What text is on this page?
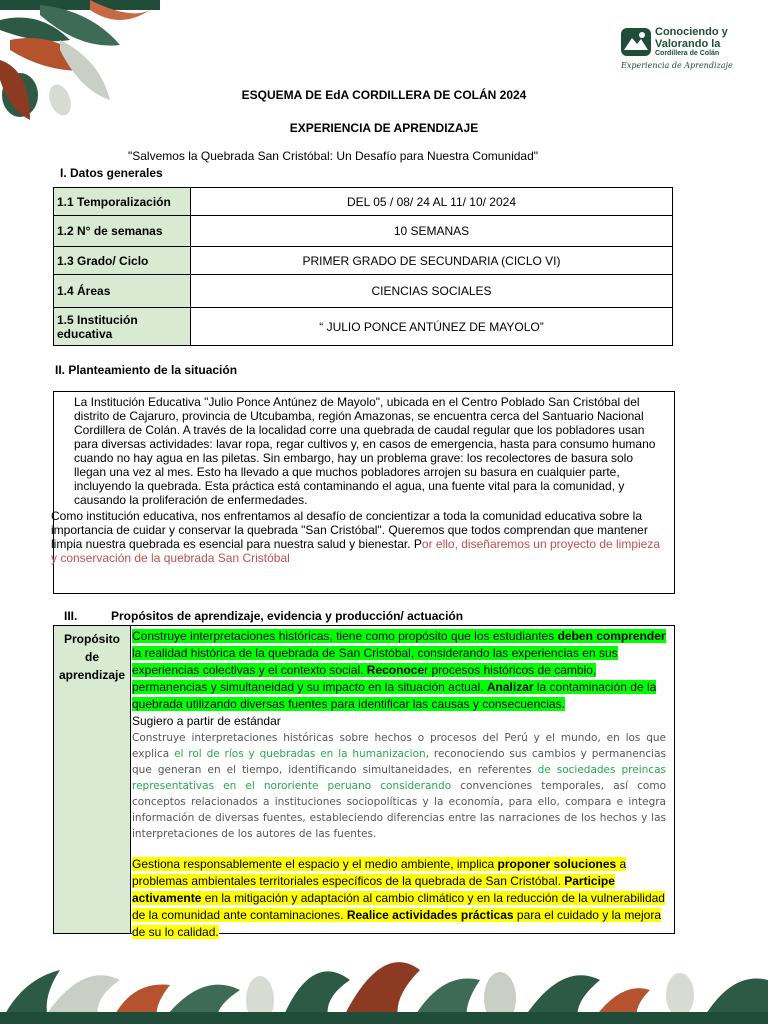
Conociendo y
Valorando la
Cordillera de Colán
Experiencia de Aprendizaje
ESQUEMA DE EdA CORDILLERA DE COLÁN 2024
EXPERIENCIA DE APRENDIZAJE
"Salvemos la Quebrada San Cristóbal: Un Desafío para Nuestra Comunidad"
I. Datos generales
1.1 Temporalización	DEL 05 / 08/ 24 AL 11/ 10/ 2024
1.2 N° de semanas	10 SEMANAS
1.3 Grado/ Ciclo	PRIMER GRADO DE SECUNDARIA (CICLO VI)
1.4 Áreas	CIENCIAS SOCIALES
1.5 Institución educativa	“ JULIO PONCE ANTÚNEZ DE MAYOLO”
II. Planteamiento de la situación

La Institución Educativa "Julio Ponce Antúnez de Mayolo", ubicada en el Centro Poblado San Cristóbal del distrito de Cajaruro, provincia de Utcubamba, región Amazonas, se encuentra cerca del Santuario Nacional Cordillera de Colán. A través de la localidad corre una quebrada de caudal regular que los pobladores usan para diversas actividades: lavar ropa, regar cultivos y, en casos de emergencia, hasta para consumo humano cuando no hay agua en las piletas. Sin embargo, hay un problema grave: los recolectores de basura solo llegan una vez al mes. Esto ha llevado a que muchos pobladores arrojen su basura en cualquier parte, incluyendo la quebrada. Esta práctica está contaminando el agua, una fuente vital para la comunidad, y causando la proliferación de enfermedades.

Como institución educativa, nos enfrentamos al desafío de concientizar a toda la comunidad educativa sobre la importancia de cuidar y conservar la quebrada "San Cristóbal". Queremos que todos comprendan que mantener limpia nuestra quebrada es esencial para nuestra salud y bienestar. Por ello, diseñaremos un proyecto de limpieza y conservación de la quebrada San Cristóbal

III.	Propósitos de aprendizaje, evidencia y producción/ actuación
Propósito de aprendizaje
Construye interpretaciones históricas, tiene como propósito que los estudiantes deben comprender la realidad histórica de la quebrada de San Cristóbal, considerando las experiencias en sus experiencias colectivas y el contexto social. Reconocer procesos históricos de cambio, permanencias y simultaneidad y su impacto en la situación actual. Analizar la contaminación de la quebrada utilizando diversas fuentes para identificar las causas y consecuencias.
Sugiero a partir de estándar
Construye interpretaciones históricas sobre hechos o procesos del Perú y el mundo, en los que explica el rol de ríos y quebradas en la humanizacion, reconociendo sus cambios y permanencias que generan en el tiempo, identificando simultaneidades, en referentes de sociedades preincas representativas en el nororiente peruano considerando convenciones temporales, así como conceptos relacionados a instituciones sociopolíticas y la economía, para ello, compara e integra información de diversas fuentes, estableciendo diferencias entre las narraciones de los hechos y las interpretaciones de los autores de las fuentes.
Gestiona responsablemente el espacio y el medio ambiente, implica proponer soluciones a problemas ambientales territoriales específicos de la quebrada de San Cristóbal. Participe activamente en la mitigación y adaptación al cambio climático y en la reducción de la vulnerabilidad de la comunidad ante contaminaciones. Realice actividades prácticas para el cuidado y la mejora de su lo calidad.
